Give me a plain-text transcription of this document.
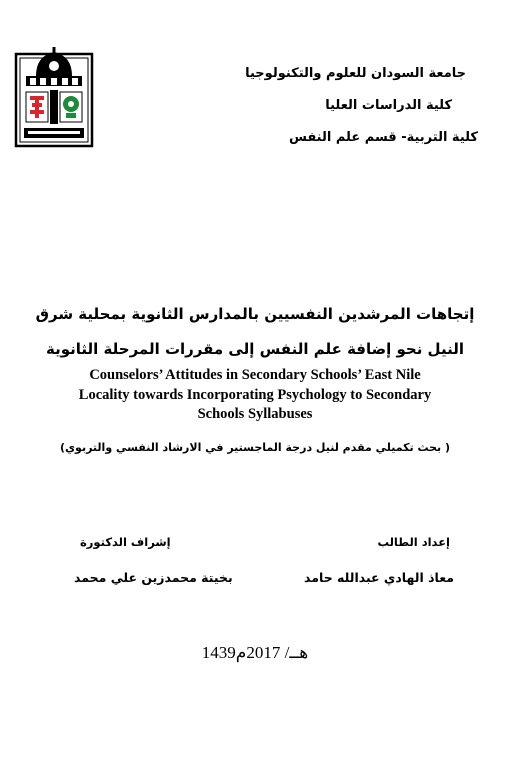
جامعة السودان للعلوم والتكنولوجيا
كلية الدراسات العليا
كلية التربية- قسم علم النفس
إتجاهات المرشدين النفسيين بالمدارس الثانوية بمحلية شرق
النيل نحو إضافة علم النفس إلى مقررات المرحلة الثانوية
Counselors’ Attitudes in Secondary Schools’ East Nile
Locality towards Incorporating Psychology to Secondary
Schools Syllabuses
( بحث تكميلي مقدم لنيل درجة الماجستير في الارشاد النفسي والتربوي)
إعداد الطالب
إشراف الدكتورة
معاذ الهادي عبدالله حامد
بخيتة محمدزين علي محمد
1439هــ/ 2017م
